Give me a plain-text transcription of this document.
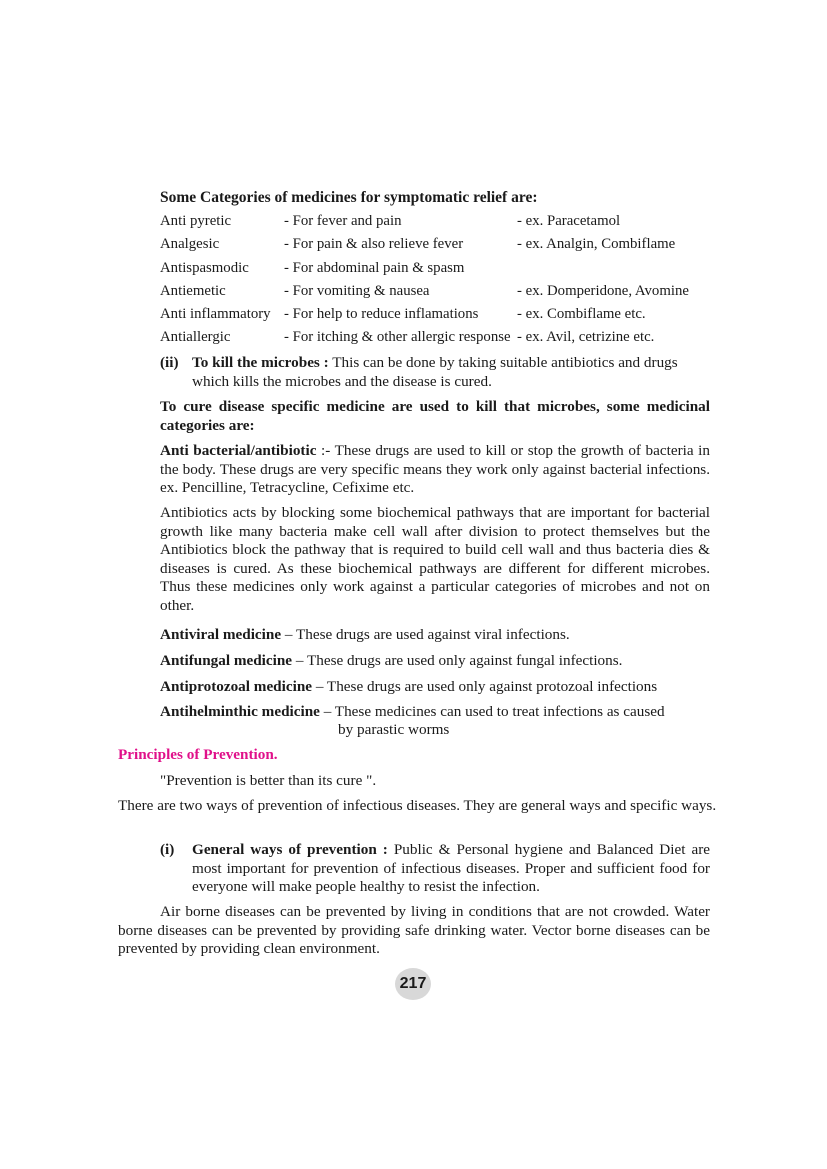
Some Categories of medicines for symptomatic relief are:
Anti pyretic	- For fever and pain	- ex. Paracetamol
Analgesic	- For pain & also relieve fever	- ex. Analgin, Combiflame
Antispasmodic	- For abdominal pain & spasm	
Antiemetic	- For vomiting & nausea	- ex. Domperidone, Avomine
Anti inflammatory	- For help to reduce inflamations	- ex. Combiflame etc.
Antiallergic	- For itching & other allergic response	- ex. Avil, cetrizine etc.
(ii) To kill the microbes : This can be done by taking suitable antibiotics and drugs which kills the microbes and the disease is cured.
To cure disease specific medicine are used to kill that microbes, some medicinal categories are:
Anti bacterial/antibiotic :- These drugs are used to kill or stop the growth of bacteria in the body. These drugs are very specific means they work only against bacterial infections. ex. Pencilline, Tetracycline, Cefixime etc.
Antibiotics acts by blocking some biochemical pathways that are important for bacterial growth like many bacteria make cell wall after division to protect themselves but the Antibiotics block the pathway that is required to build cell wall and thus bacteria dies & diseases is cured. As these biochemical pathways are different for different microbes. Thus these medicines only work against a particular categories of microbes and not on other.
Antiviral medicine – These drugs are used against viral infections.
Antifungal medicine – These drugs are used only against fungal infections.
Antiprotozoal medicine – These drugs are used only against protozoal infections
Antihelminthic medicine – These medicines can used to treat infections as caused
by parastic worms
Principles of Prevention.
"Prevention is better than its cure ".
There are two ways of prevention of infectious diseases. They are general ways and specific ways.
(i) General ways of prevention : Public & Personal hygiene and Balanced Diet are most important for prevention of infectious diseases. Proper and sufficient food for everyone will make people healthy to resist the infection.
Air borne diseases can be prevented by living in conditions that are not crowded. Water borne diseases can be prevented by providing safe drinking water. Vector borne diseases can be prevented by providing clean environment.
217
